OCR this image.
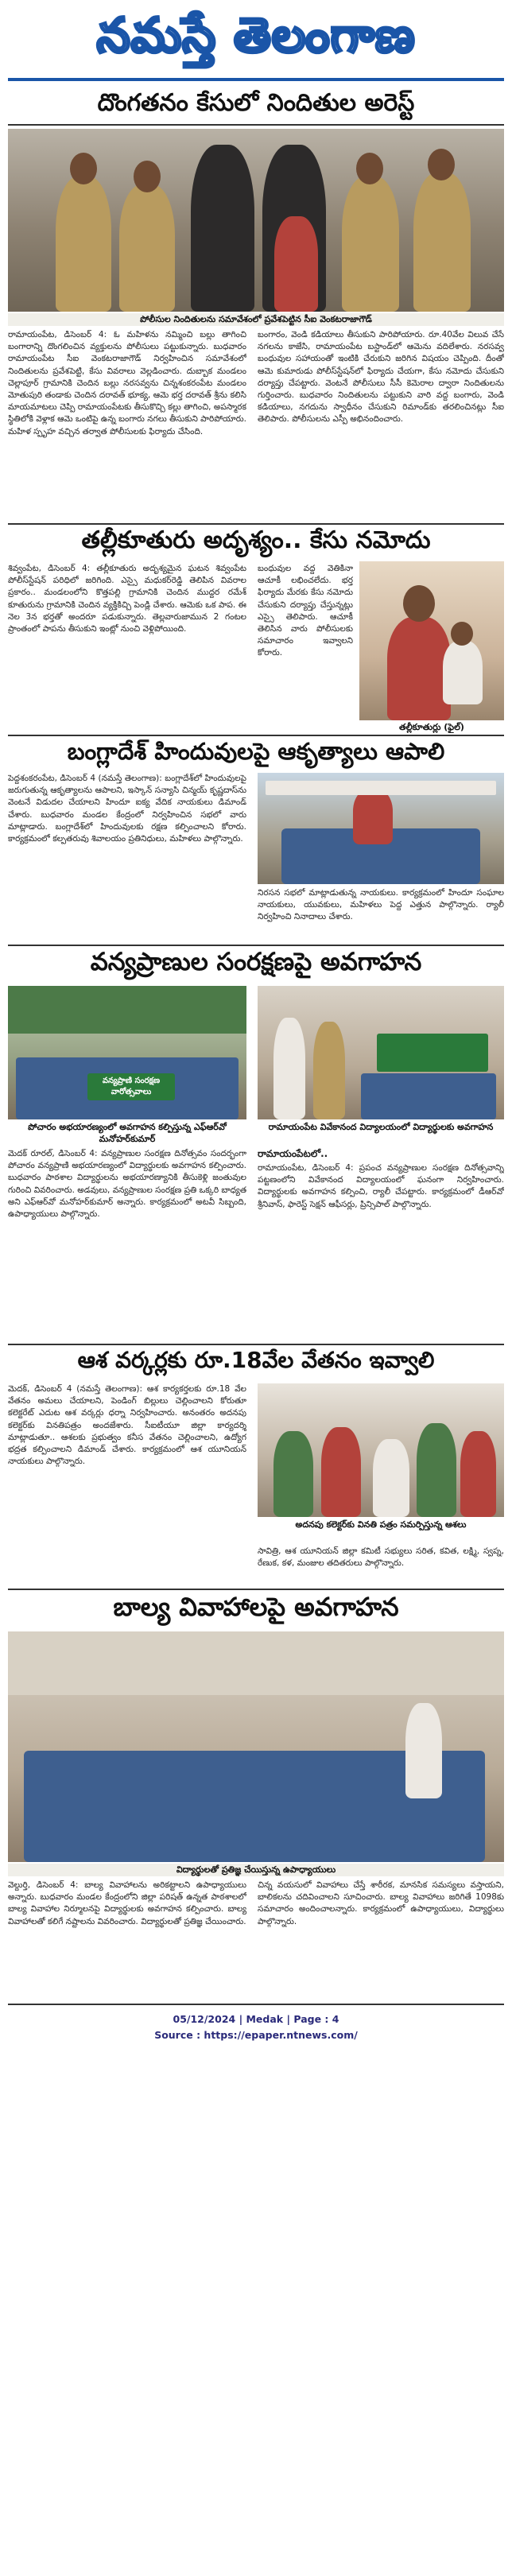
నమస్తే తెలంగాణ
దొంగతనం కేసులో నిందితుల అరెస్ట్
పోలీసుల నిందితులను సమావేశంలో ప్రవేశపెట్టిన సీఐ వెంకటరాజాగౌడ్
రామాయంపేట, డిసెంబర్ 4: ఓ మహిళను నమ్మించి బల్లు తాగించి బంగారాన్ని దొంగలించిన వ్యక్తులను పోలీసులు పట్టుకున్నారు. బుధవారం రామాయంపేట సీఐ వెంకటరాజాగౌడ్ నిర్వహించిన సమావేశంలో నిందితులను ప్రవేశపెట్టి, కేసు వివరాలు వెల్లడించారు. దుబ్బాక మండలం చెల్లాపూర్ గ్రామానికి చెందిన బల్లు నరసవ్వను చిన్నశంకరంపేట మండలం మోతుపురి తండాకు చెందిన దరావత్ భూక్య, ఆమె భర్త దరావత్ శ్రీను కలిసి మాయమాటలు చెప్పి రామాయంపేటకు తీసుకొచ్చి కల్లు తాగించి, అపస్మారక స్థితిలోకి వెళ్లాక ఆమె ఒంటిపై ఉన్న బంగారు నగలు తీసుకుని పారిపోయారు. మహిళ స్పృహ వచ్చిన తర్వాత పోలీసులకు ఫిర్యాదు చేసింది.
బంగారం, వెండి కడియాలు తీసుకుని పారిపోయారు. రూ.40వేల విలువ చేసే నగలను కాజేసి, రామాయంపేట బస్టాండ్‌లో ఆమెను వదిలేశారు. నరసవ్వ బంధువుల సహాయంతో ఇంటికి చేరుకుని జరిగిన విషయం చెప్పింది. దీంతో ఆమె కుమారుడు పోలీస్‌స్టేషన్‌లో ఫిర్యాదు చేయగా, కేసు నమోదు చేసుకుని దర్యాప్తు చేపట్టారు. వెంటనే పోలీసులు సీసీ కెమెరాల ద్వారా నిందితులను గుర్తించారు. బుధవారం నిందితులను పట్టుకుని వారి వద్ద బంగారు, వెండి కడియాలు, నగదును స్వాధీనం చేసుకుని రిమాండ్‌కు తరలించినట్లు సీఐ తెలిపారు. పోలీసులను ఎస్పీ అభినందించారు.
తల్లీకూతురు అదృశ్యం.. కేసు నమోదు
శివ్వంపేట, డిసెంబర్ 4: తల్లీకూతురు అదృశ్యమైన ఘటన శివ్వంపేట పోలీస్‌స్టేషన్ పరిధిలో జరిగింది. ఎస్సై మధుకర్‌రెడ్డి తెలిపిన వివరాల ప్రకారం.. మండలంలోని కొత్తపల్లి గ్రామానికి చెందిన ముద్దర రమేశ్ కూతురును గ్రామానికి చెందిన వ్యక్తికిచ్చి పెండ్లి చేశారు. ఆమెకు ఒక పాప. ఈ నెల 3న భర్తతో అందరూ పడుకున్నారు. తెల్లవారుజామున 2 గంటల ప్రాంతంలో పాపను తీసుకుని ఇంట్లో నుంచి వెళ్లిపోయింది.
బంధువుల వద్ద వెతికినా ఆచూకీ లభించలేదు. భర్త ఫిర్యాదు మేరకు కేసు నమోదు చేసుకుని దర్యాప్తు చేస్తున్నట్లు ఎస్సై తెలిపారు. ఆచూకీ తెలిసిన వారు పోలీసులకు సమాచారం ఇవ్వాలని కోరారు.
తల్లీకూతుర్లు (ఫైల్)
బంగ్లాదేశ్ హిందువులపై ఆకృత్యాలు ఆపాలి
పెద్దశంకరంపేట, డిసెంబర్ 4 (నమస్తే తెలంగాణ): బంగ్లాదేశ్‌లో హిందువులపై జరుగుతున్న ఆకృత్యాలను ఆపాలని, ఇస్కాన్ సన్యాసి చిన్మయ్ కృష్ణదాస్‌ను వెంటనే విడుదల చేయాలని హిందూ ఐక్య వేదిక నాయకులు డిమాండ్ చేశారు. బుధవారం మండల కేంద్రంలో నిర్వహించిన సభలో వారు మాట్లాడారు. బంగ్లాదేశ్‌లో హిందువులకు రక్షణ కల్పించాలని కోరారు. కార్యక్రమంలో కల్పతరువు శివాలయం ప్రతినిధులు, మహిళలు పాల్గొన్నారు.
నిరసన సభలో మాట్లాడుతున్న నాయకులు. కార్యక్రమంలో హిందూ సంఘాల నాయకులు, యువకులు, మహిళలు పెద్ద ఎత్తున పాల్గొన్నారు. ర్యాలీ నిర్వహించి నినాదాలు చేశారు.
వన్యప్రాణుల సంరక్షణపై అవగాహన
వన్యప్రాణి సంరక్షణ వారోత్సవాలు
పోచారం అభయారణ్యంలో అవగాహన కల్పిస్తున్న ఎఫ్‌ఆర్‌వో మనోహర్‌కుమార్
రామాయంపేట వివేకానంద విద్యాలయంలో విద్యార్థులకు అవగాహన
మెదక్ రూరల్, డిసెంబర్ 4: వన్యప్రాణుల సంరక్షణ దినోత్సవం సందర్భంగా పోచారం వన్యప్రాణి అభయారణ్యంలో విద్యార్థులకు అవగాహన కల్పించారు. బుధవారం పాఠశాల విద్యార్థులను అభయారణ్యానికి తీసుకెళ్లి జంతువుల గురించి వివరించారు. అడవులు, వన్యప్రాణుల సంరక్షణ ప్రతి ఒక్కరి బాధ్యత అని ఎఫ్‌ఆర్‌వో మనోహర్‌కుమార్ అన్నారు. కార్యక్రమంలో అటవీ సిబ్బంది, ఉపాధ్యాయులు పాల్గొన్నారు.
రామాయంపేటలో..
రామాయంపేట, డిసెంబర్ 4: ప్రపంచ వన్యప్రాణుల సంరక్షణ దినోత్సవాన్ని పట్టణంలోని వివేకానంద విద్యాలయంలో ఘనంగా నిర్వహించారు. విద్యార్థులకు అవగాహన కల్పించి, ర్యాలీ చేపట్టారు. కార్యక్రమంలో డీఆర్‌వో శ్రీనివాస్, ఫారెస్ట్ సెక్షన్ ఆఫీసర్లు, ప్రిన్సిపాల్ పాల్గొన్నారు.
ఆశ వర్కర్లకు రూ.18వేల వేతనం ఇవ్వాలి
మెదక్, డిసెంబర్ 4 (నమస్తే తెలంగాణ): ఆశ కార్యకర్తలకు రూ.18 వేల వేతనం అమలు చేయాలని, పెండింగ్ బిల్లులు చెల్లించాలని కోరుతూ కలెక్టరేట్ ఎదుట ఆశ వర్కర్లు ధర్నా నిర్వహించారు. అనంతరం అదనపు కలెక్టర్‌కు వినతిపత్రం అందజేశారు. సీఐటీయూ జిల్లా కార్యదర్శి మాట్లాడుతూ.. ఆశలకు ప్రభుత్వం కనీస వేతనం చెల్లించాలని, ఉద్యోగ భద్రత కల్పించాలని డిమాండ్ చేశారు. కార్యక్రమంలో ఆశ యూనియన్ నాయకులు పాల్గొన్నారు.
అదనపు కలెక్టర్‌కు వినతి పత్రం సమర్పిస్తున్న ఆశలు
సావిత్రి, ఆశ యూనియన్ జిల్లా కమిటీ సభ్యులు సరిత, కవిత, లక్ష్మి, స్వప్న, రేణుక, కళ, మంజుల తదితరులు పాల్గొన్నారు.
బాల్య వివాహాలపై అవగాహన
విద్యార్థులతో ప్రతిజ్ఞ చేయిస్తున్న ఉపాధ్యాయులు
వెల్దుర్తి, డిసెంబర్ 4: బాల్య వివాహాలను అరికట్టాలని ఉపాధ్యాయులు అన్నారు. బుధవారం మండల కేంద్రంలోని జిల్లా పరిషత్ ఉన్నత పాఠశాలలో బాల్య వివాహాల నిర్మూలనపై విద్యార్థులకు అవగాహన కల్పించారు. బాల్య వివాహాలతో కలిగే నష్టాలను వివరించారు. విద్యార్థులతో ప్రతిజ్ఞ చేయించారు.
చిన్న వయసులో వివాహాలు చేస్తే శారీరక, మానసిక సమస్యలు వస్తాయని, బాలికలను చదివించాలని సూచించారు. బాల్య వివాహాలు జరిగితే 1098కు సమాచారం అందించాలన్నారు. కార్యక్రమంలో ఉపాధ్యాయులు, విద్యార్థులు పాల్గొన్నారు.
05/12/2024 | Medak | Page : 4
Source : https://epaper.ntnews.com/
